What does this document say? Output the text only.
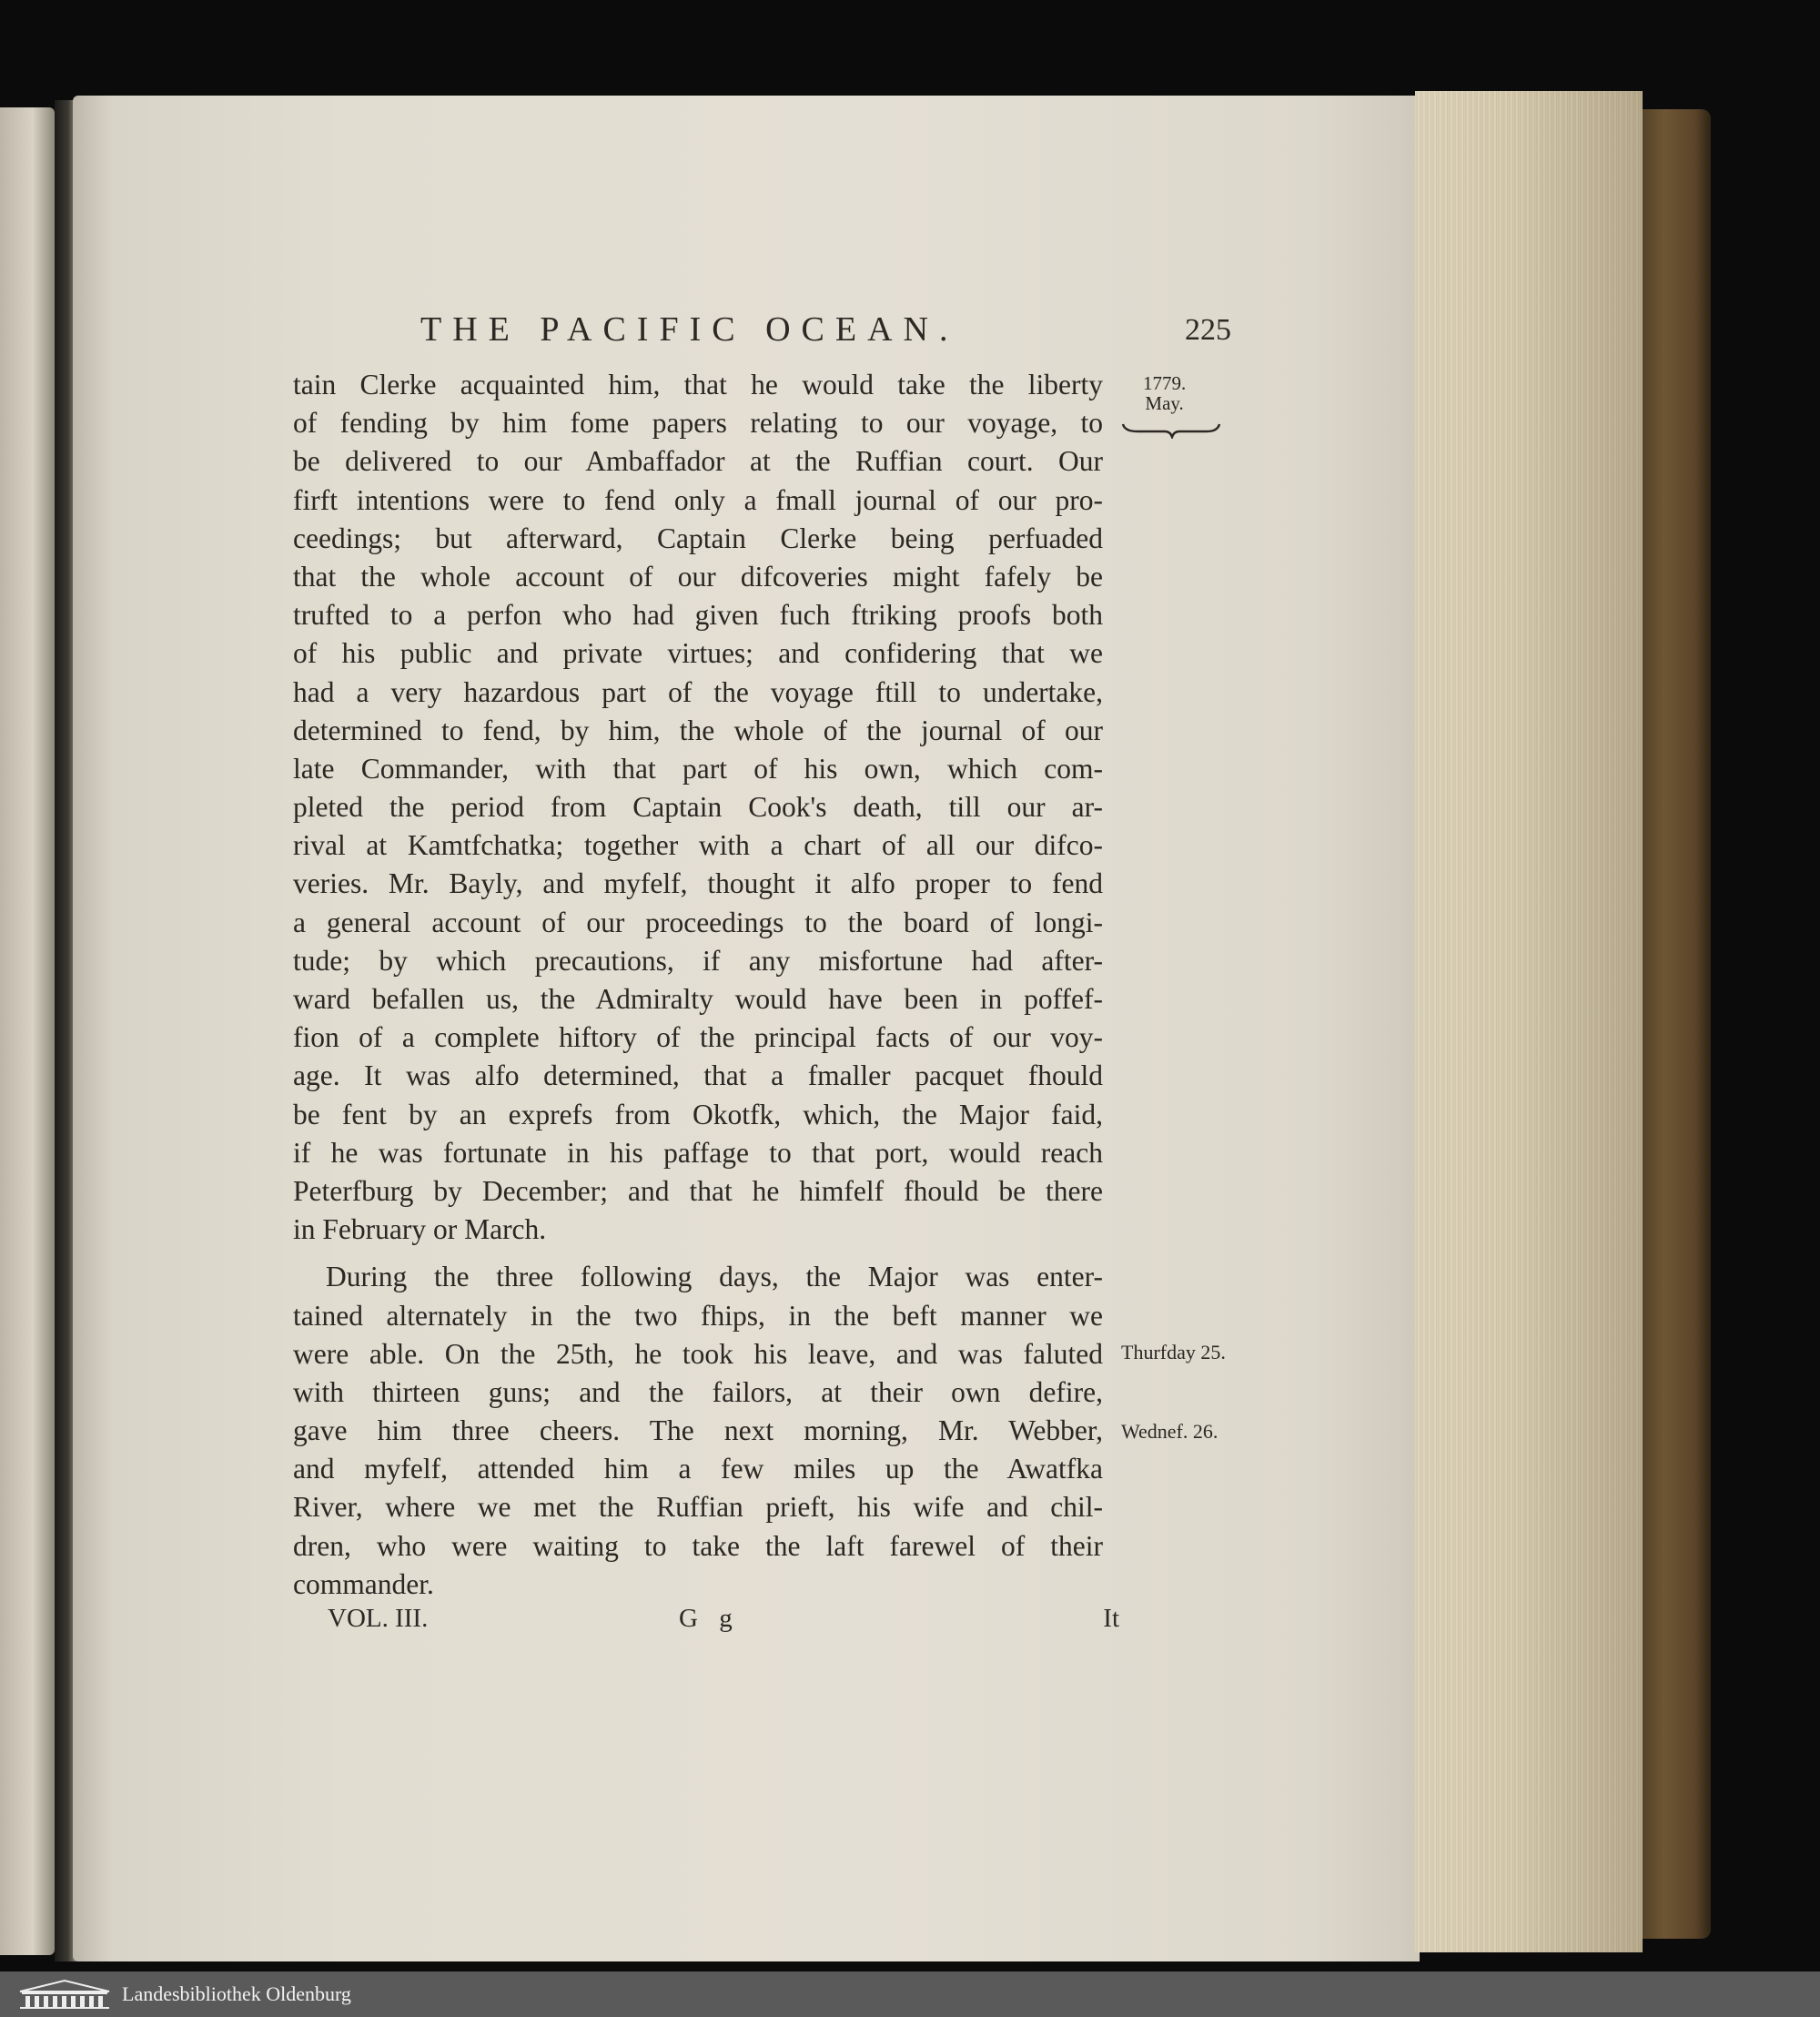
THE PACIFIC OCEAN.	225
1779.
May.
Thurfday 25.
Wednef. 26.
tain Clerke acquainted him, that he would take the liberty
of fending by him fome papers relating to our voyage, to
be delivered to our Ambaffador at the Ruffian court. Our
firft intentions were to fend only a fmall journal of our pro-
ceedings; but afterward, Captain Clerke being perfuaded
that the whole account of our difcoveries might fafely be
trufted to a perfon who had given fuch ftriking proofs both
of his public and private virtues; and confidering that we
had a very hazardous part of the voyage ftill to undertake,
determined to fend, by him, the whole of the journal of our
late Commander, with that part of his own, which com-
pleted the period from Captain Cook's death, till our ar-
rival at Kamtfchatka; together with a chart of all our difco-
veries. Mr. Bayly, and myfelf, thought it alfo proper to fend
a general account of our proceedings to the board of longi-
tude; by which precautions, if any misfortune had after-
ward befallen us, the Admiralty would have been in poffef-
fion of a complete hiftory of the principal facts of our voy-
age. It was alfo determined, that a fmaller pacquet fhould
be fent by an exprefs from Okotfk, which, the Major faid,
if he was fortunate in his paffage to that port, would reach
Peterfburg by December; and that he himfelf fhould be there
in February or March.
During the three following days, the Major was enter-
tained alternately in the two fhips, in the beft manner we
were able. On the 25th, he took his leave, and was faluted
with thirteen guns; and the failors, at their own defire,
gave him three cheers. The next morning, Mr. Webber,
and myfelf, attended him a few miles up the Awatfka
River, where we met the Ruffian prieft, his wife and chil-
dren, who were waiting to take the laft farewel of their
commander.
VOL. III.	G g	It
Landesbibliothek Oldenburg
